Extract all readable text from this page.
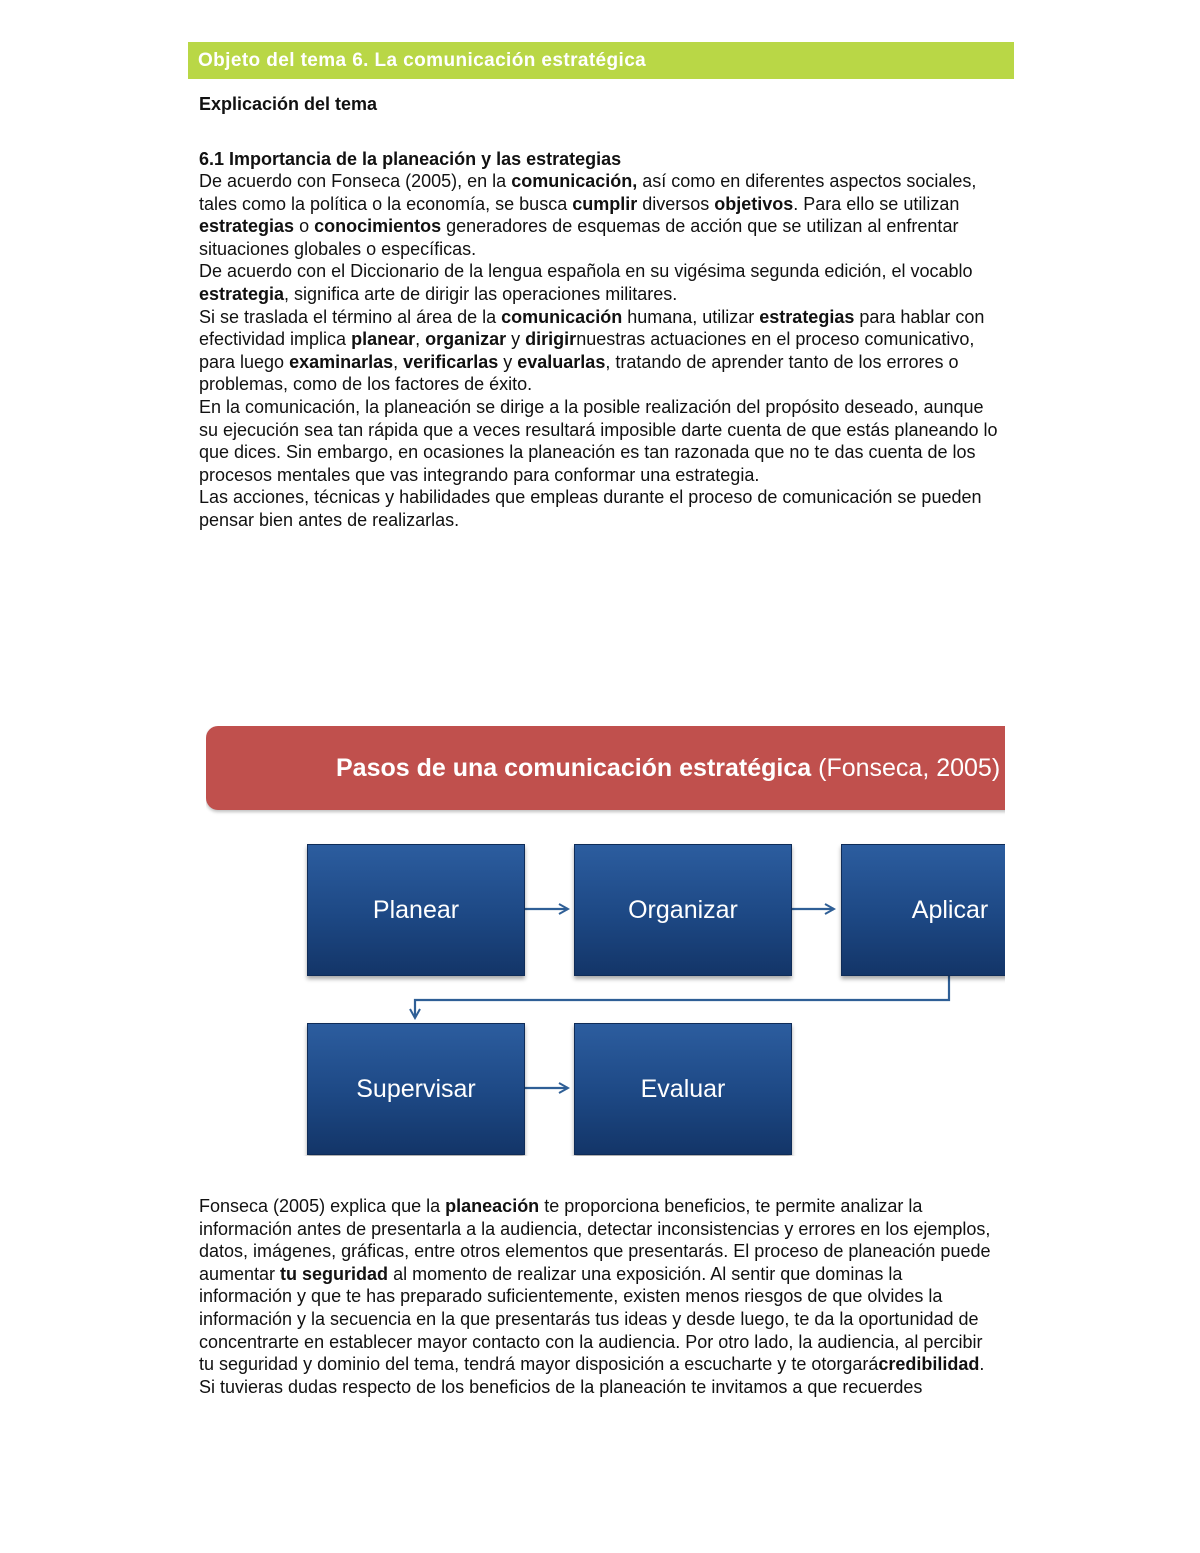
Objeto del tema 6. La comunicación estratégica
Explicación del tema
6.1 Importancia de la planeación y las estrategias

De acuerdo con Fonseca (2005), en la comunicación, así como en diferentes aspectos sociales, tales como la política o la economía, se busca cumplir diversos objetivos. Para ello se utilizan estrategias o conocimientos generadores de esquemas de acción que se utilizan al enfrentar situaciones globales o específicas.

De acuerdo con el Diccionario de la lengua española en su vigésima segunda edición, el vocablo estrategia, significa arte de dirigir las operaciones militares.

Si se traslada el término al área de la comunicación humana, utilizar estrategias para hablar con efectividad implica planear, organizar y dirigirnuestras actuaciones en el proceso comunicativo, para luego examinarlas, verificarlas y evaluarlas, tratando de aprender tanto de los errores o problemas, como de los factores de éxito.

En la comunicación, la planeación se dirige a la posible realización del propósito deseado, aunque su ejecución sea tan rápida que a veces resultará imposible darte cuenta de que estás planeando lo que dices. Sin embargo, en ocasiones la planeación es tan razonada que no te das cuenta de los procesos mentales que vas integrando para conformar una estrategia.

Las acciones, técnicas y habilidades que empleas durante el proceso de comunicación se pueden pensar bien antes de realizarlas.

Pasos de una comunicación estratégica (Fonseca, 2005)
Planear	Organizar	Aplicar
Supervisar	Evaluar

Fonseca (2005) explica que la planeación te proporciona beneficios, te permite analizar la información antes de presentarla a la audiencia, detectar inconsistencias y errores en los ejemplos, datos, imágenes, gráficas, entre otros elementos que presentarás. El proceso de planeación puede aumentar tu seguridad al momento de realizar una exposición. Al sentir que dominas la información y que te has preparado suficientemente, existen menos riesgos de que olvides la información y la secuencia en la que presentarás tus ideas y desde luego, te da la oportunidad de concentrarte en establecer mayor contacto con la audiencia. Por otro lado, la audiencia, al percibir tu seguridad y dominio del tema, tendrá mayor disposición a escucharte y te otorgarácredibilidad.

Si tuvieras dudas respecto de los beneficios de la planeación te invitamos a que recuerdes
